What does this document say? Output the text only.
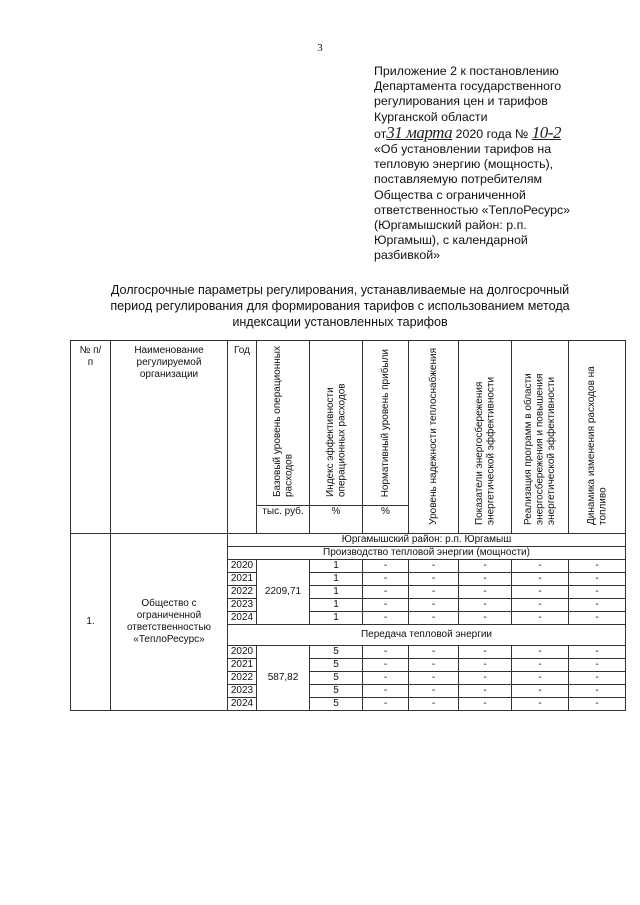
3
Приложение 2 к постановлению
Департамента государственного
регулирования цен и тарифов
Курганской области
от31 марта 2020 года № 10-2
«Об установлении тарифов на
тепловую энергию (мощность),
поставляемую потребителям
Общества с ограниченной
ответственностью «ТеплоРесурс»
(Юргамышский район: р.п.
Юргамыш), с календарной
разбивкой»
Долгосрочные параметры регулирования, устанавливаемые на долгосрочный
период регулирования для формирования тарифов с использованием метода
индексации установленных тарифов
№ п/п	Наименование регулируемой организации	Год	Базовый уровень операционных расходов	Индекс эффективности операционных расходов	Нормативный уровень прибыли	Уровень надежности теплоснабжения	Показатели энергосбережения энергетической эффективности	Реализация программ в области энергосбережения и повышения энергетической эффективности	Динамика изменения расходов на топливо
			тыс. руб.	%	%				
1.	Общество с ограниченной ответственностью «ТеплоРесурс»	Юргамышский район: р.п. Юргамыш							
		Производство тепловой энергии (мощности)							
		2020	2209,71	1	-	-	-	-	-
		2021		1	-	-	-	-	-
		2022		1	-	-	-	-	-
		2023		1	-	-	-	-	-
		2024		1	-	-	-	-	-
		Передача тепловой энергии							
		2020	587,82	5	-	-	-	-	-
		2021		5	-	-	-	-	-
		2022		5	-	-	-	-	-
		2023		5	-	-	-	-	-
		2024		5	-	-	-	-	-
